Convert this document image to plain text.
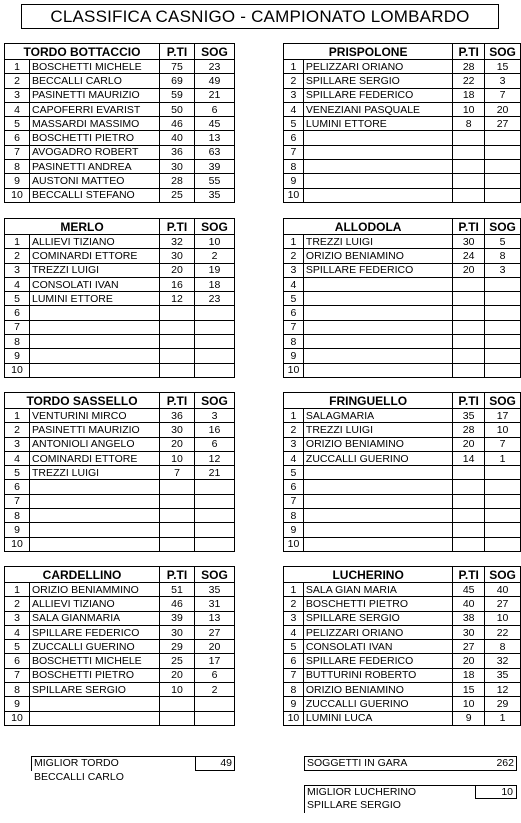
CLASSIFICA CASNIGO - CAMPIONATO LOMBARDO
TORDO BOTTACCIO		P.TI	SOG
1	BOSCHETTI MICHELE	75	23
2	BECCALLI CARLO	69	49
3	PASINETTI MAURIZIO	59	21
4	CAPOFERRI EVARIST	50	6
5	MASSARDI MASSIMO	46	45
6	BOSCHETTI PIETRO	40	13
7	AVOGADRO ROBERT	36	63
8	PASINETTI ANDREA	30	39
9	AUSTONI MATTEO	28	55
10	BECCALLI STEFANO	25	35
PRISPOLONE		P.TI	SOG
1	PELIZZARI ORIANO	28	15
2	SPILLARE SERGIO	22	3
3	SPILLARE FEDERICO	18	7
4	VENEZIANI PASQUALE	10	20
5	LUMINI ETTORE	8	27
6			
7			
8			
9			
10			
MERLO		P.TI	SOG
1	ALLIEVI TIZIANO	32	10
2	COMINARDI ETTORE	30	2
3	TREZZI LUIGI	20	19
4	CONSOLATI IVAN	16	18
5	LUMINI ETTORE	12	23
6			
7			
8			
9			
10			
ALLODOLA		P.TI	SOG
1	TREZZI LUIGI	30	5
2	ORIZIO BENIAMINO	24	8
3	SPILLARE FEDERICO	20	3
4			
5			
6			
7			
8			
9			
10			
TORDO SASSELLO		P.TI	SOG
1	VENTURINI MIRCO	36	3
2	PASINETTI MAURIZIO	30	16
3	ANTONIOLI ANGELO	20	6
4	COMINARDI ETTORE	10	12
5	TREZZI LUIGI	7	21
6			
7			
8			
9			
10			
FRINGUELLO		P.TI	SOG
1	SALAGMARIA	35	17
2	TREZZI LUIGI	28	10
3	ORIZIO BENIAMINO	20	7
4	ZUCCALLI GUERINO	14	1
5			
6			
7			
8			
9			
10			
CARDELLINO		P.TI	SOG
1	ORIZIO BENIAMMINO	51	35
2	ALLIEVI TIZIANO	46	31
3	SALA GIANMARIA	39	13
4	SPILLARE FEDERICO	30	27
5	ZUCCALLI GUERINO	29	20
6	BOSCHETTI MICHELE	25	17
7	BOSCHETTI PIETRO	20	6
8	SPILLARE SERGIO	10	2
9			
10			
LUCHERINO		P.TI	SOG
1	SALA GIAN MARIA	45	40
2	BOSCHETTI PIETRO	40	27
3	SPILLARE SERGIO	38	10
4	PELIZZARI ORIANO	30	22
5	CONSOLATI IVAN	27	8
6	SPILLARE FEDERICO	20	32
7	BUTTURINI ROBERTO	18	35
8	ORIZIO BENIAMINO	15	12
9	ZUCCALLI GUERINO	10	29
10	LUMINI LUCA	9	1
MIGLIOR TORDO	49
BECCALLI CARLO
SOGGETTI IN GARA	262
MIGLIOR LUCHERINO	10
SPILLARE SERGIO
